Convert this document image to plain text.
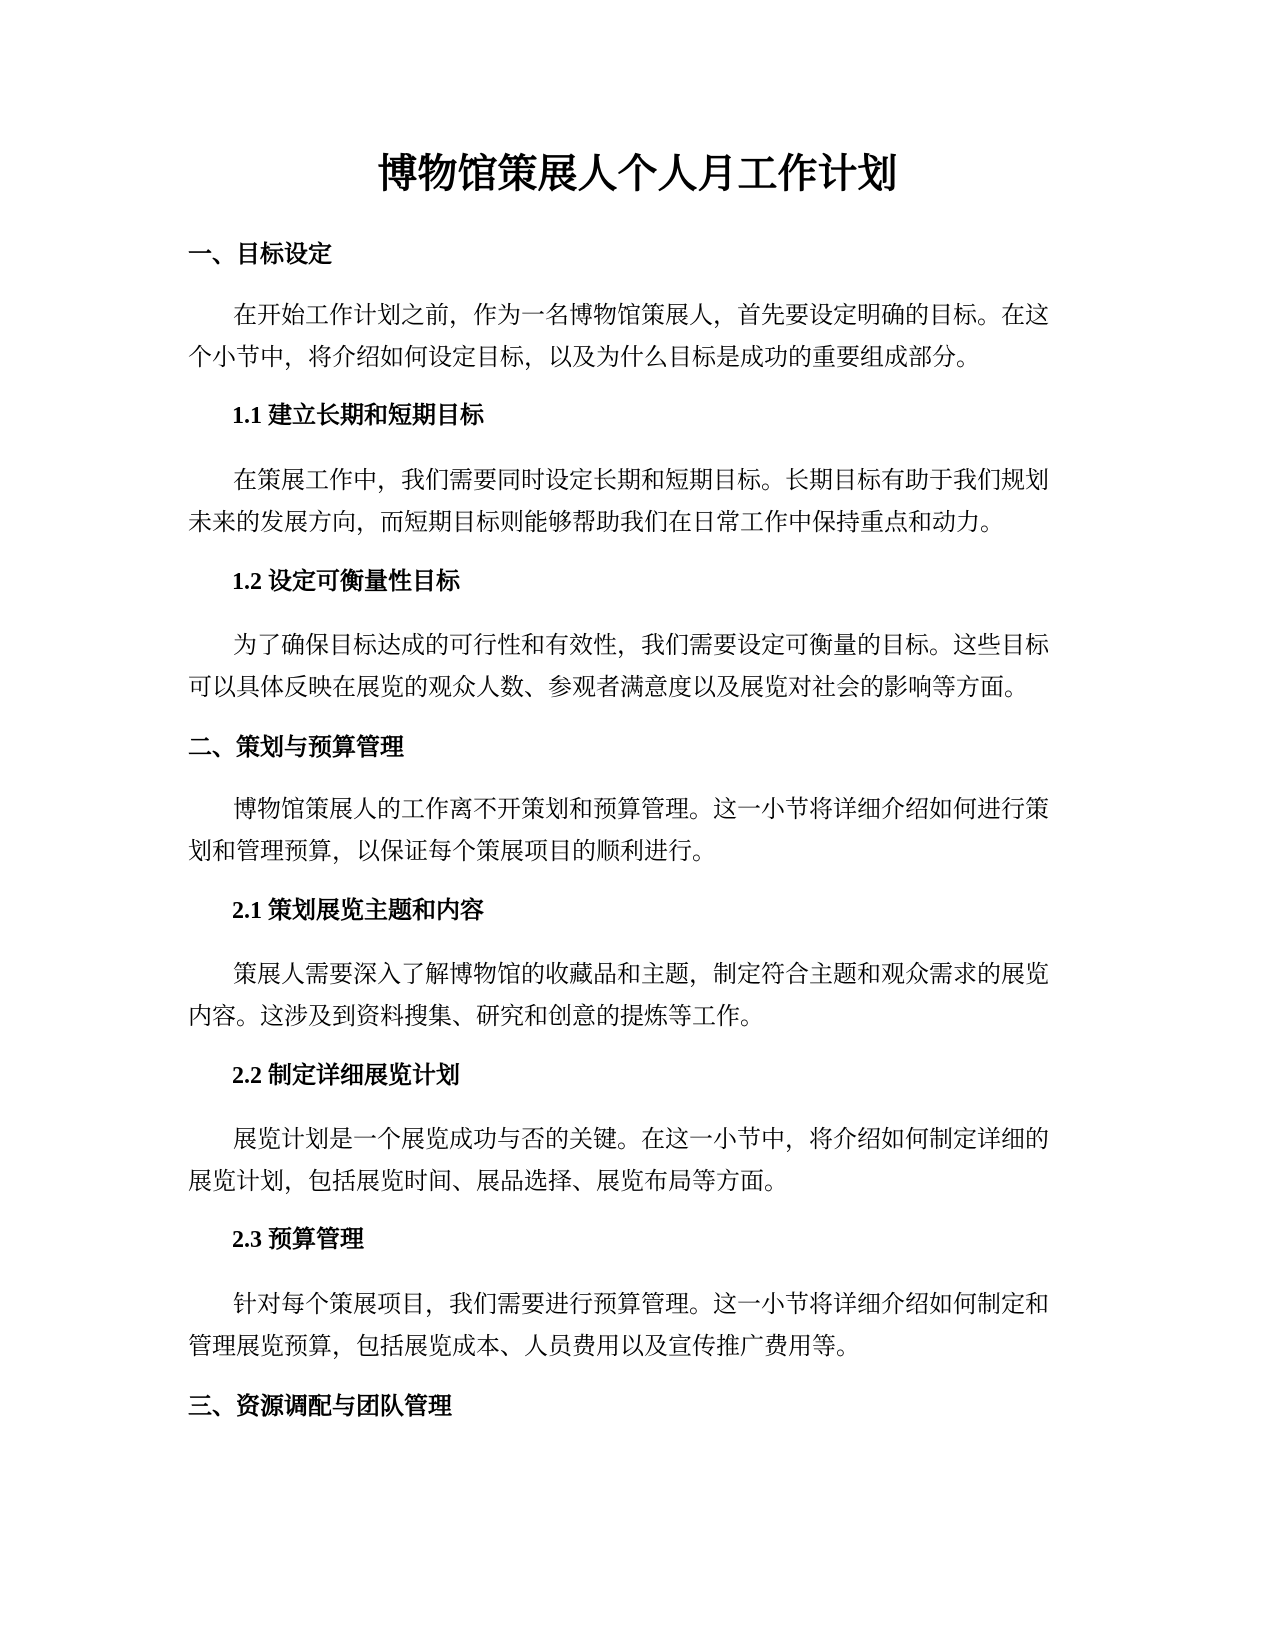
博物馆策展人个人月工作计划
一、目标设定

在开始工作计划之前，作为一名博物馆策展人，首先要设定明确的目标。在这
个小节中，将介绍如何设定目标，以及为什么目标是成功的重要组成部分。

1.1 建立长期和短期目标

在策展工作中，我们需要同时设定长期和短期目标。长期目标有助于我们规划
未来的发展方向，而短期目标则能够帮助我们在日常工作中保持重点和动力。

1.2 设定可衡量性目标

为了确保目标达成的可行性和有效性，我们需要设定可衡量的目标。这些目标
可以具体反映在展览的观众人数、参观者满意度以及展览对社会的影响等方面。

二、策划与预算管理

博物馆策展人的工作离不开策划和预算管理。这一小节将详细介绍如何进行策
划和管理预算，以保证每个策展项目的顺利进行。

2.1 策划展览主题和内容

策展人需要深入了解博物馆的收藏品和主题，制定符合主题和观众需求的展览
内容。这涉及到资料搜集、研究和创意的提炼等工作。

2.2 制定详细展览计划

展览计划是一个展览成功与否的关键。在这一小节中，将介绍如何制定详细的
展览计划，包括展览时间、展品选择、展览布局等方面。

2.3 预算管理

针对每个策展项目，我们需要进行预算管理。这一小节将详细介绍如何制定和
管理展览预算，包括展览成本、人员费用以及宣传推广费用等。

三、资源调配与团队管理
